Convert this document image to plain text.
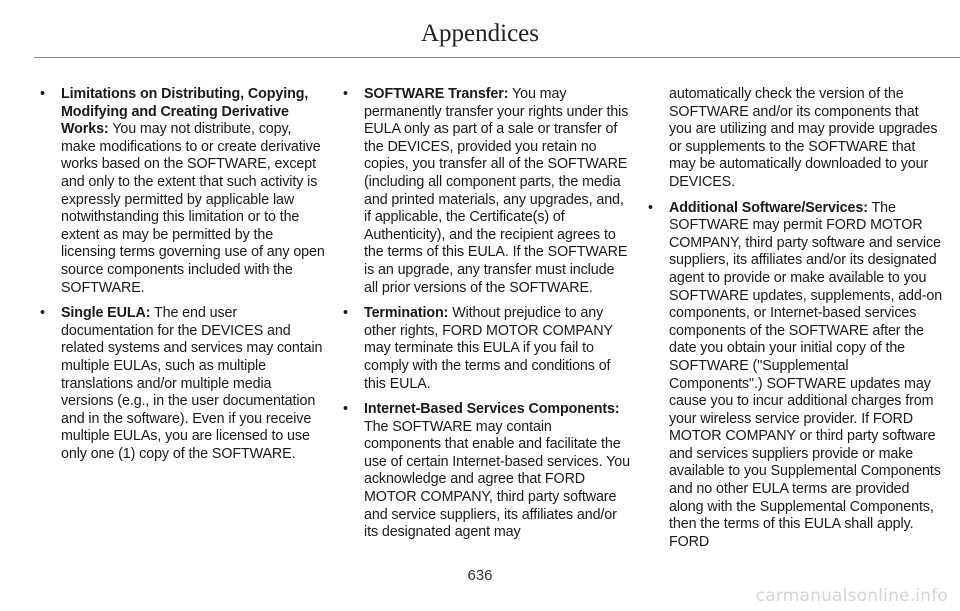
Appendices
• Limitations on Distributing, Copying, Modifying and Creating Derivative Works: You may not distribute, copy, make modifications to or create derivative works based on the SOFTWARE, except and only to the extent that such activity is expressly permitted by applicable law notwithstanding this limitation or to the extent as may be permitted by the licensing terms governing use of any open source components included with the SOFTWARE.
• Single EULA: The end user documentation for the DEVICES and related systems and services may contain multiple EULAs, such as multiple translations and/or multiple media versions (e.g., in the user documentation and in the software). Even if you receive multiple EULAs, you are licensed to use only one (1) copy of the SOFTWARE.
• SOFTWARE Transfer: You may permanently transfer your rights under this EULA only as part of a sale or transfer of the DEVICES, provided you retain no copies, you transfer all of the SOFTWARE (including all component parts, the media and printed materials, any upgrades, and, if applicable, the Certificate(s) of Authenticity), and the recipient agrees to the terms of this EULA. If the SOFTWARE is an upgrade, any transfer must include all prior versions of the SOFTWARE.
• Termination: Without prejudice to any other rights, FORD MOTOR COMPANY may terminate this EULA if you fail to comply with the terms and conditions of this EULA.
• Internet-Based Services Components: The SOFTWARE may contain components that enable and facilitate the use of certain Internet-based services. You acknowledge and agree that FORD MOTOR COMPANY, third party software and service suppliers, its affiliates and/or its designated agent may
automatically check the version of the SOFTWARE and/or its components that you are utilizing and may provide upgrades or supplements to the SOFTWARE that may be automatically downloaded to your DEVICES.
• Additional Software/Services: The SOFTWARE may permit FORD MOTOR COMPANY, third party software and service suppliers, its affiliates and/or its designated agent to provide or make available to you SOFTWARE updates, supplements, add-on components, or Internet-based services components of the SOFTWARE after the date you obtain your initial copy of the SOFTWARE ("Supplemental Components".) SOFTWARE updates may cause you to incur additional charges from your wireless service provider. If FORD MOTOR COMPANY or third party software and services suppliers provide or make available to you Supplemental Components and no other EULA terms are provided along with the Supplemental Components, then the terms of this EULA shall apply. FORD
636
carmanualsonline.info
